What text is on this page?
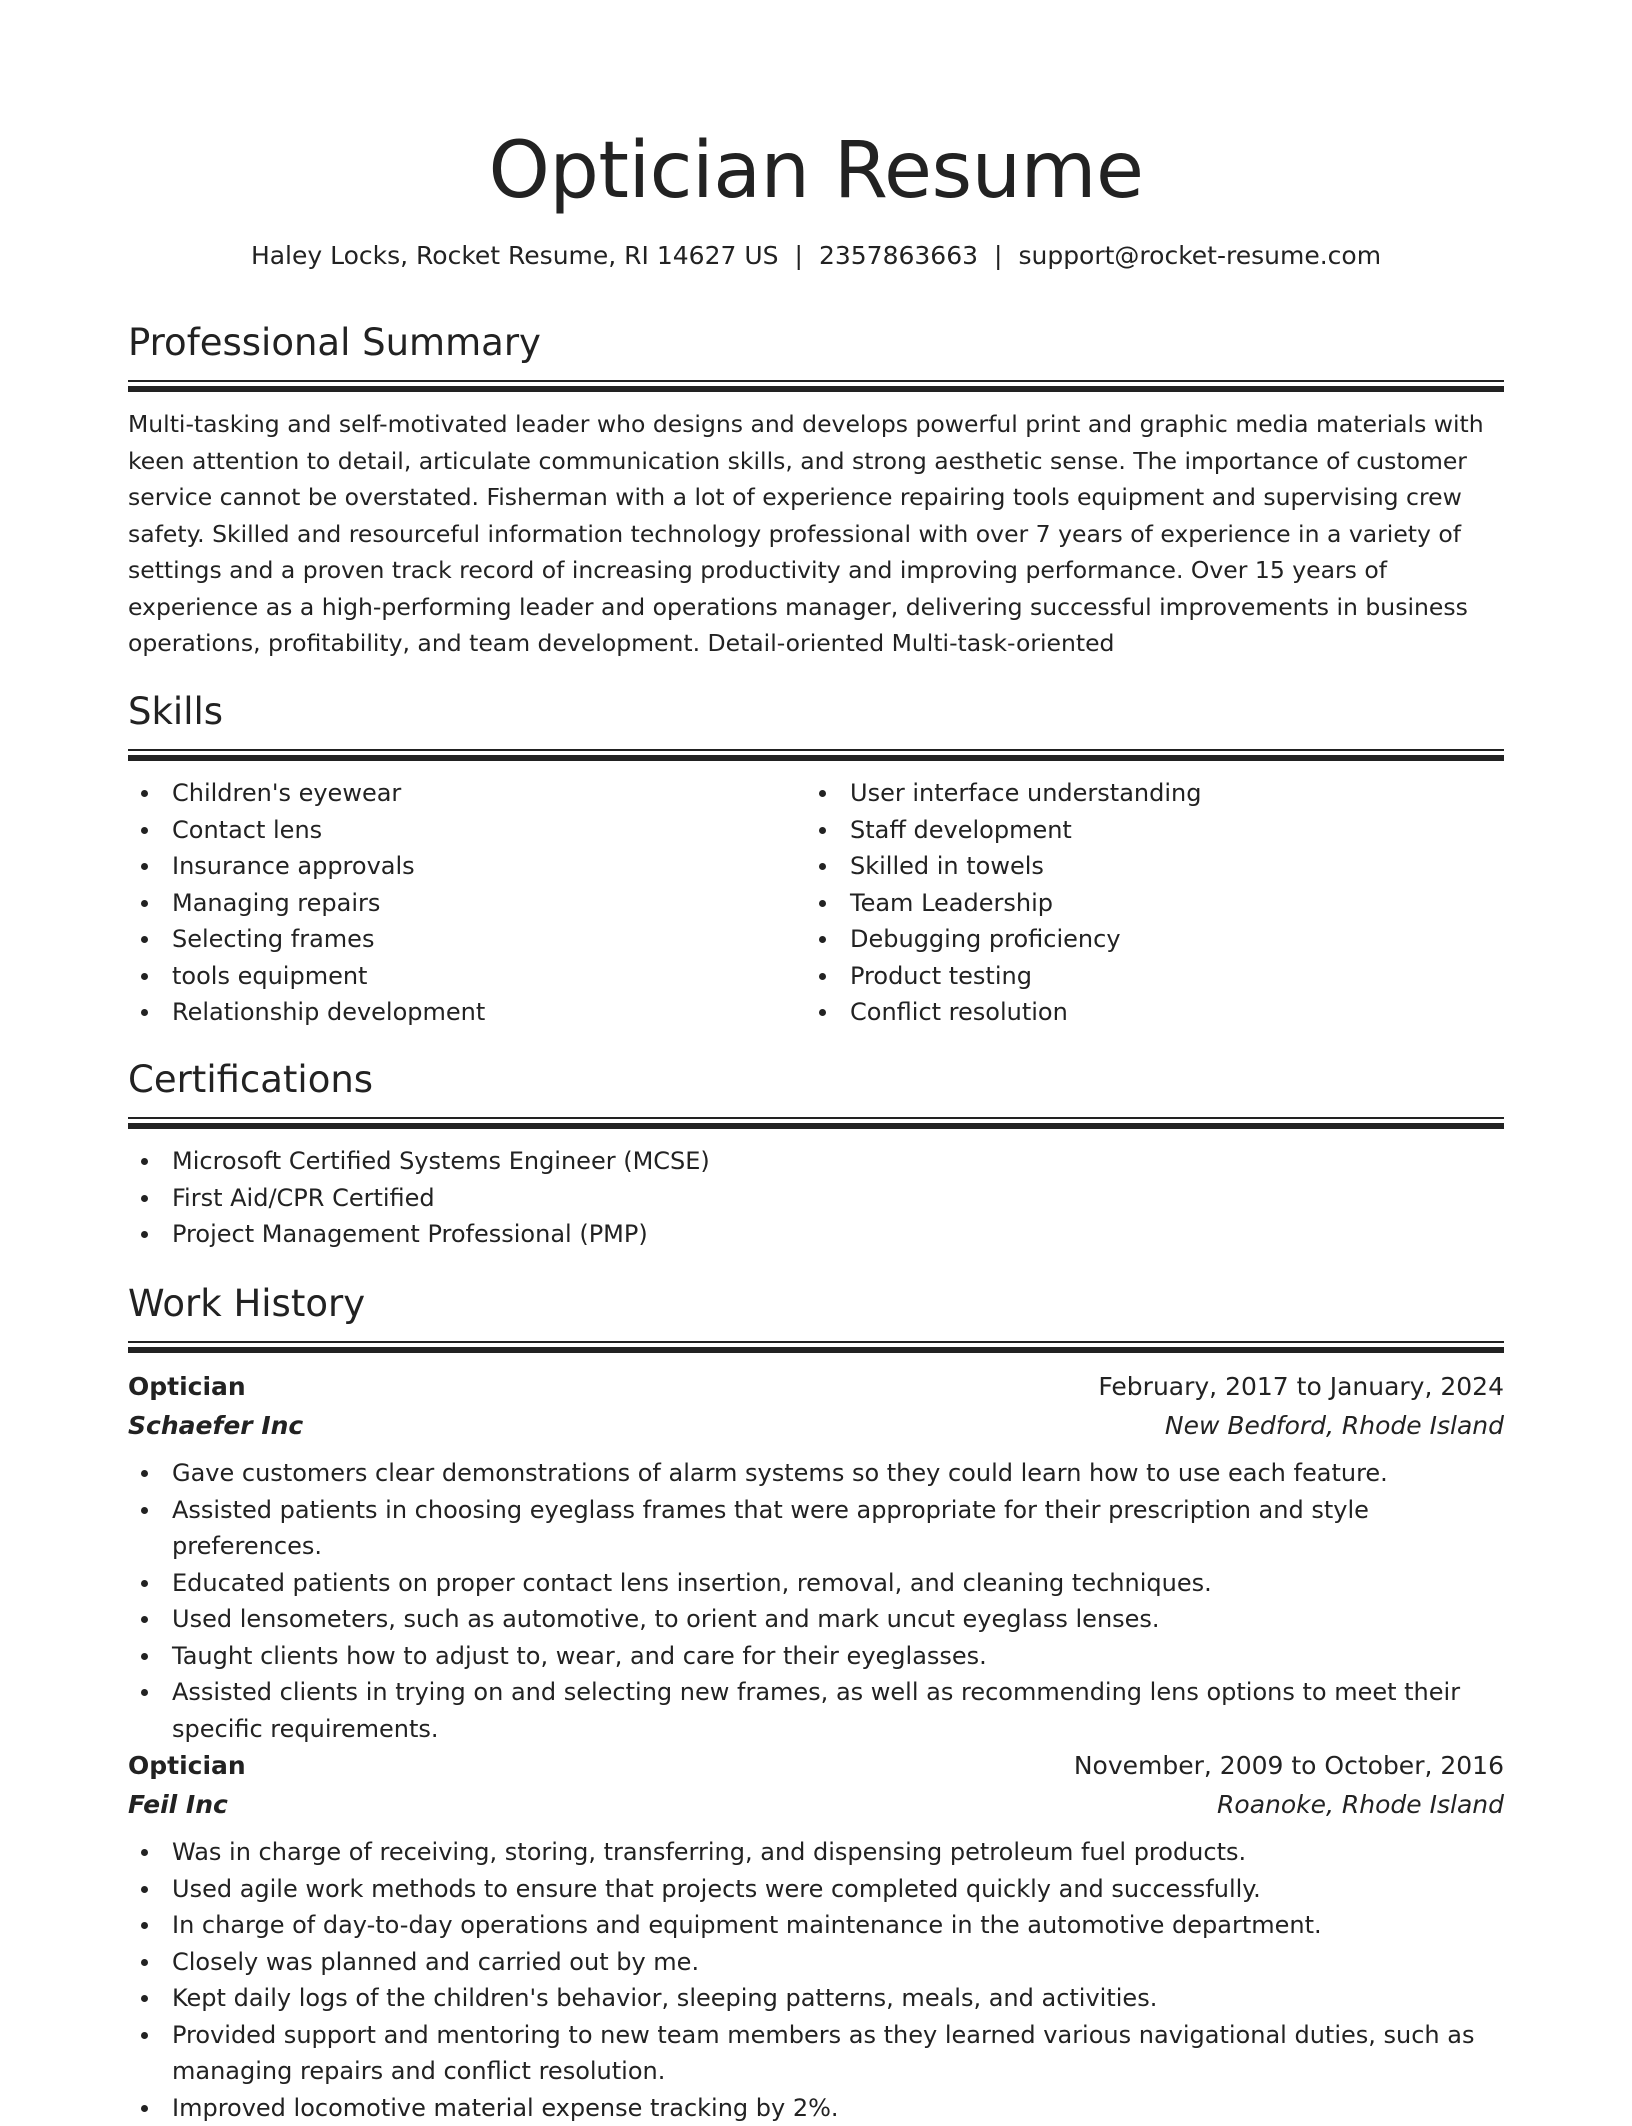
Optician Resume
Haley Locks, Rocket Resume, RI 14627 US | 2357863663 | support@rocket-resume.com
Professional Summary

Multi-tasking and self-motivated leader who designs and develops powerful print and graphic media materials with keen attention to detail, articulate communication skills, and strong aesthetic sense. The importance of customer service cannot be overstated. Fisherman with a lot of experience repairing tools equipment and supervising crew safety. Skilled and resourceful information technology professional with over 7 years of experience in a variety of settings and a proven track record of increasing productivity and improving performance. Over 15 years of experience as a high-performing leader and operations manager, delivering successful improvements in business operations, profitability, and team development. Detail-oriented Multi-task-oriented

Skills
Children's eyewear
Contact lens
Insurance approvals
Managing repairs
Selecting frames
tools equipment
Relationship development
User interface understanding
Staff development
Skilled in towels
Team Leadership
Debugging proficiency
Product testing
Conflict resolution
Certifications
Microsoft Certified Systems Engineer (MCSE)
First Aid/CPR Certified
Project Management Professional (PMP)
Work History
Optician	February, 2017 to January, 2024
Schaefer Inc	New Bedford, Rhode Island
Gave customers clear demonstrations of alarm systems so they could learn how to use each feature.
Assisted patients in choosing eyeglass frames that were appropriate for their prescription and style preferences.
Educated patients on proper contact lens insertion, removal, and cleaning techniques.
Used lensometers, such as automotive, to orient and mark uncut eyeglass lenses.
Taught clients how to adjust to, wear, and care for their eyeglasses.
Assisted clients in trying on and selecting new frames, as well as recommending lens options to meet their specific requirements.
Optician	November, 2009 to October, 2016
Feil Inc	Roanoke, Rhode Island
Was in charge of receiving, storing, transferring, and dispensing petroleum fuel products.
Used agile work methods to ensure that projects were completed quickly and successfully.
In charge of day-to-day operations and equipment maintenance in the automotive department.
Closely was planned and carried out by me.
Kept daily logs of the children's behavior, sleeping patterns, meals, and activities.
Provided support and mentoring to new team members as they learned various navigational duties, such as managing repairs and conflict resolution.
Improved locomotive material expense tracking by 2%.
